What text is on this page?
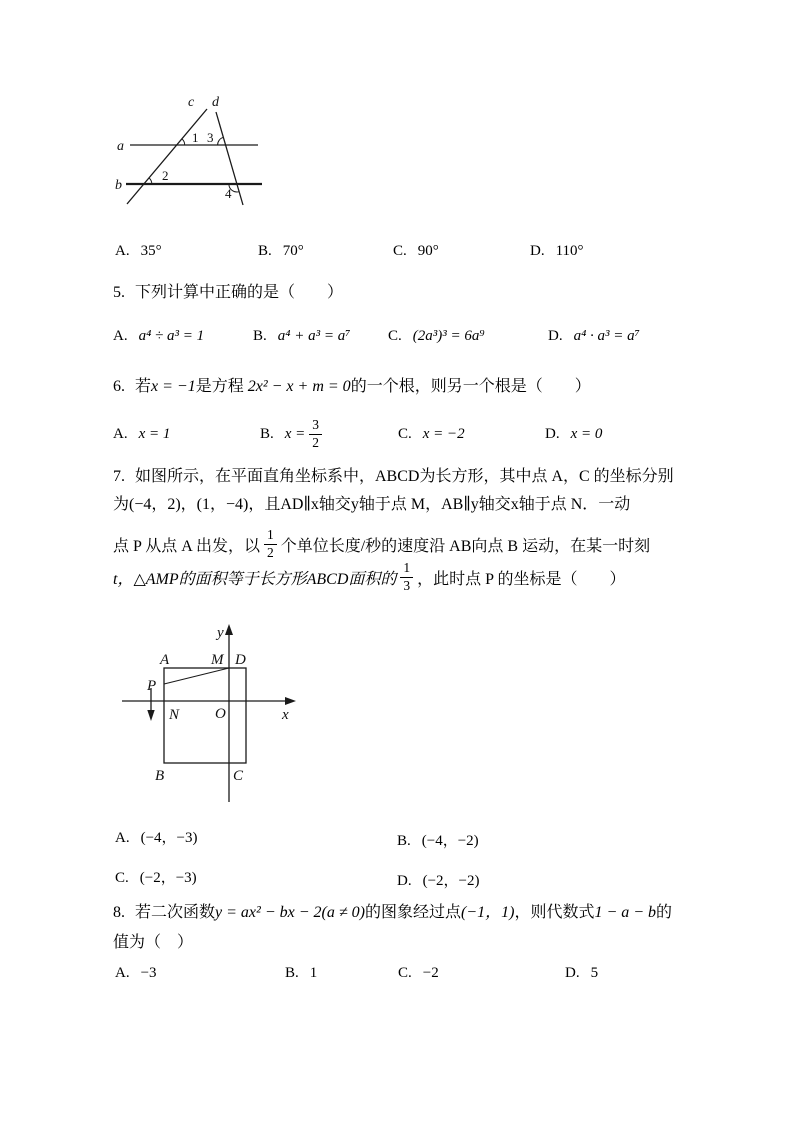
a
b
c d
1 3
2
4
A. 35°	B. 70°	C. 90°	D. 110°
5. 下列计算中正确的是（　　）
A. a⁴ ÷ a³ = 1	B. a⁴ + a³ = a⁷	C. (2a³)³ = 6a⁹	D. a⁴ · a³ = a⁷
6. 若x = −1是方程 2x² − x + m = 0的一个根，则另一个根是（　　）
A. x = 1	B. $x = \frac{3}{2}$	C. x = −2	D. x = 0
7. 如图所示，在平面直角坐标系中，ABCD为长方形，其中点 A，C 的坐标分别
为(−4，2)，(1，−4)，且AD∥x轴交y轴于点 M，AB∥y轴交x轴于点 N．一动
点 P 从点 A 出发，以 $\frac{1}{2}$ 个单位长度/秒的速度沿 AB向点 B 运动，在某一时刻
t，△AMP的面积等于长方形ABCD面积的 $\frac{1}{3}$ ，此时点 P 的坐标是（　　）
y
x
A	M D
P
N O
B	C
A. (−4，−3)	B. (−4，−2)
C. (−2，−3)	D. (−2，−2)
8. 若二次函数y = ax² − bx − 2(a ≠ 0)的图象经过点(−1，1)，则代数式1 − a − b的
值为（　）
A. −3	B. 1	C. −2	D. 5
